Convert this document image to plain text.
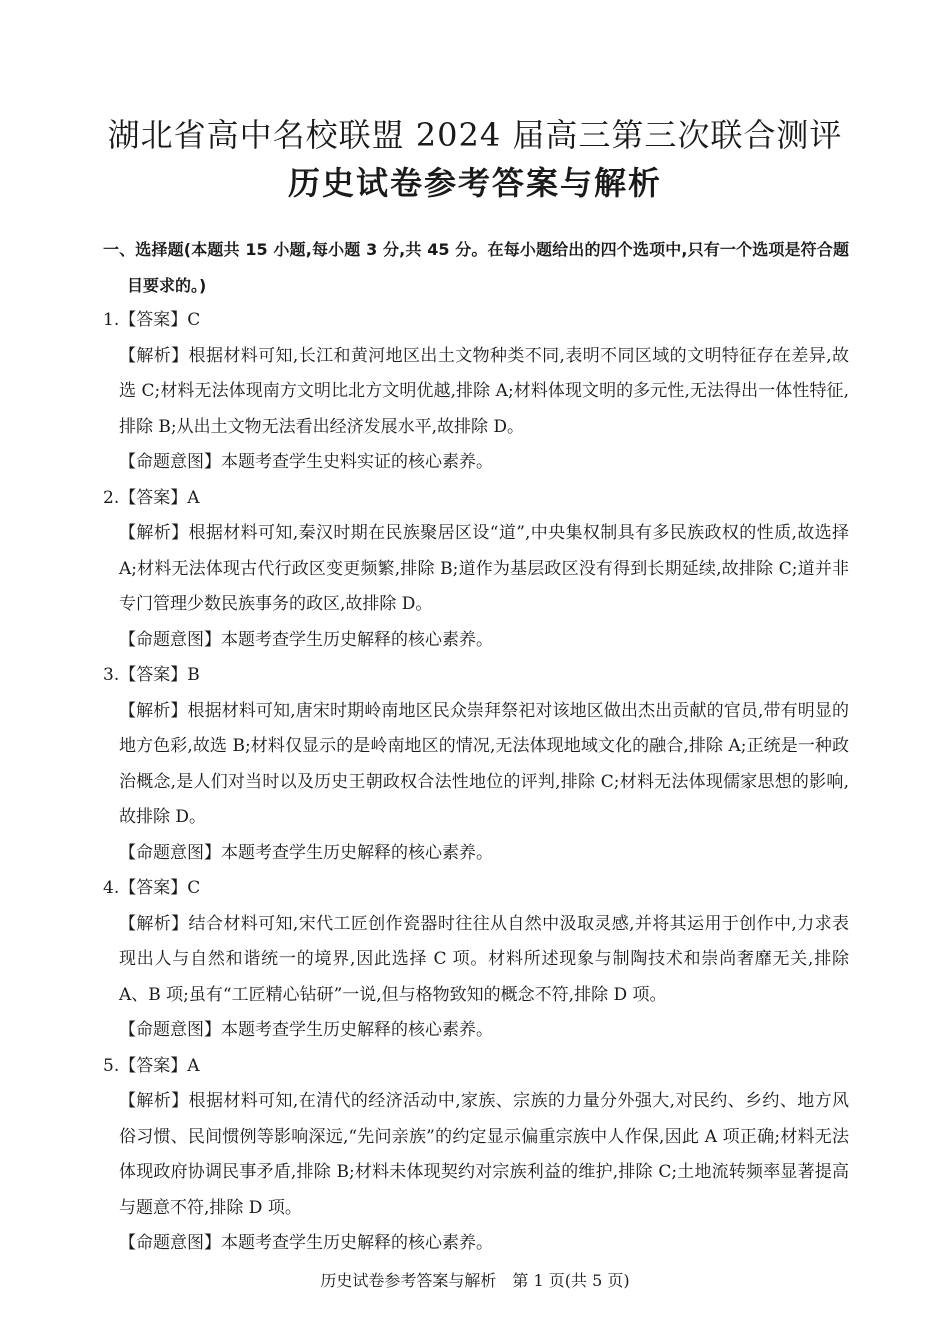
湖北省高中名校联盟 2024 届高三第三次联合测评
历史试卷参考答案与解析
一、选择题(本题共 15 小题,每小题 3 分,共 45 分。在每小题给出的四个选项中,只有一个选项是符合题目要求的。)
1.【答案】C
【解析】根据材料可知,长江和黄河地区出土文物种类不同,表明不同区域的文明特征存在差异,故选 C;材料无法体现南方文明比北方文明优越,排除 A;材料体现文明的多元性,无法得出一体性特征,排除 B;从出土文物无法看出经济发展水平,故排除 D。
【命题意图】本题考查学生史料实证的核心素养。
2.【答案】A
【解析】根据材料可知,秦汉时期在民族聚居区设“道”,中央集权制具有多民族政权的性质,故选择 A;材料无法体现古代行政区变更频繁,排除 B;道作为基层政区没有得到长期延续,故排除 C;道并非专门管理少数民族事务的政区,故排除 D。
【命题意图】本题考查学生历史解释的核心素养。
3.【答案】B
【解析】根据材料可知,唐宋时期岭南地区民众崇拜祭祀对该地区做出杰出贡献的官员,带有明显的地方色彩,故选 B;材料仅显示的是岭南地区的情况,无法体现地域文化的融合,排除 A;正统是一种政治概念,是人们对当时以及历史王朝政权合法性地位的评判,排除 C;材料无法体现儒家思想的影响,故排除 D。
【命题意图】本题考查学生历史解释的核心素养。
4.【答案】C
【解析】结合材料可知,宋代工匠创作瓷器时往往从自然中汲取灵感,并将其运用于创作中,力求表现出人与自然和谐统一的境界,因此选择 C 项。材料所述现象与制陶技术和崇尚奢靡无关,排除 A、B 项;虽有“工匠精心钻研”一说,但与格物致知的概念不符,排除 D 项。
【命题意图】本题考查学生历史解释的核心素养。
5.【答案】A
【解析】根据材料可知,在清代的经济活动中,家族、宗族的力量分外强大,对民约、乡约、地方风俗习惯、民间惯例等影响深远,“先问亲族”的约定显示偏重宗族中人作保,因此 A 项正确;材料无法体现政府协调民事矛盾,排除 B;材料未体现契约对宗族利益的维护,排除 C;土地流转频率显著提高与题意不符,排除 D 项。
【命题意图】本题考查学生历史解释的核心素养。
历史试卷参考答案与解析　第 1 页(共 5 页)
